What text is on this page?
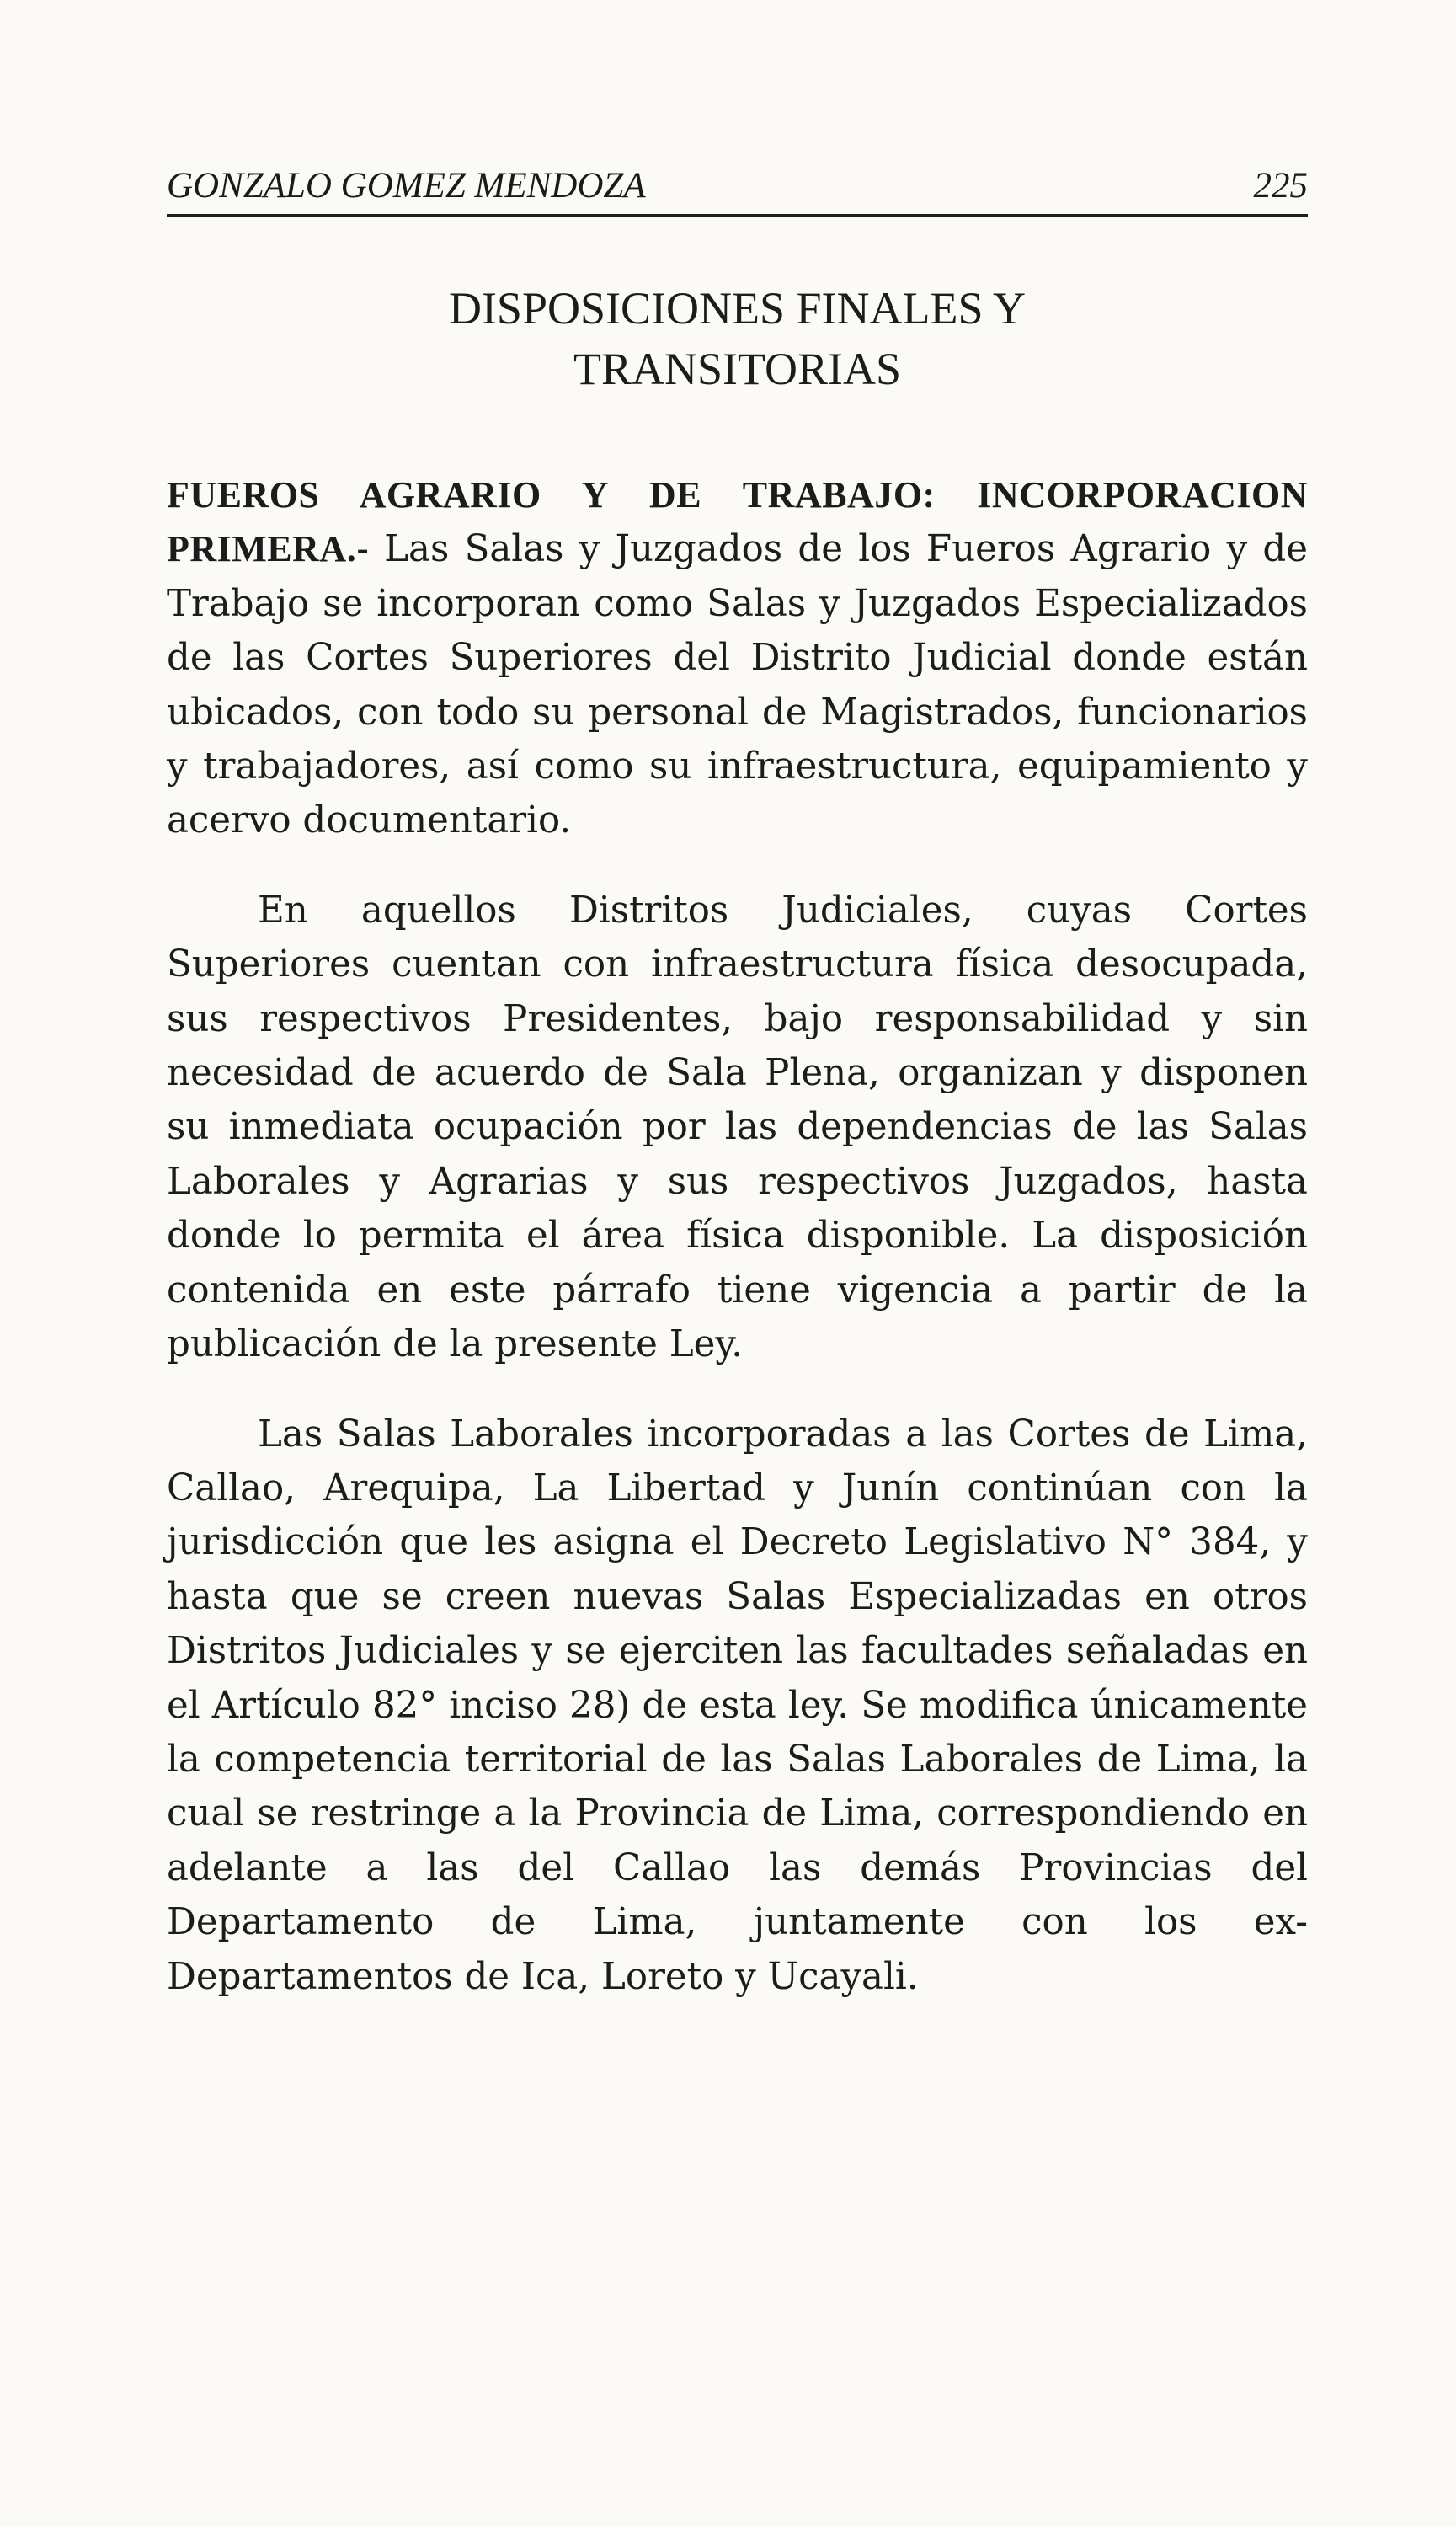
GONZALO GOMEZ MENDOZA	225
DISPOSICIONES FINALES Y
TRANSITORIAS

FUEROS AGRARIO Y DE TRABAJO: INCORPORACION PRIMERA.- Las Salas y Juzgados de los Fueros Agrario y de Trabajo se incorporan como Salas y Juzgados Especializados de las Cortes Superiores del Distrito Judicial donde están ubicados, con todo su personal de Magistrados, funcionarios y trabajadores, así como su infraestructura, equipamiento y acervo documentario.

En aquellos Distritos Judiciales, cuyas Cortes Superiores cuentan con infraestructura física desocupada, sus respectivos Presidentes, bajo responsabilidad y sin necesidad de acuerdo de Sala Plena, organizan y disponen su inmediata ocupación por las dependencias de las Salas Laborales y Agrarias y sus respectivos Juzgados, hasta donde lo permita el área física disponible. La disposición contenida en este párrafo tiene vigencia a partir de la publicación de la presente Ley.

Las Salas Laborales incorporadas a las Cortes de Lima, Callao, Arequipa, La Libertad y Junín continúan con la jurisdicción que les asigna el Decreto Legislativo N° 384, y hasta que se creen nuevas Salas Especializadas en otros Distritos Judiciales y se ejerciten las facultades señaladas en el Artículo 82° inciso 28) de esta ley. Se modifica únicamente la competencia territorial de las Salas Laborales de Lima, la cual se restringe a la Provincia de Lima, correspondiendo en adelante a las del Callao las demás Provincias del Departamento de Lima, juntamente con los ex-Departamentos de Ica, Loreto y Ucayali.
